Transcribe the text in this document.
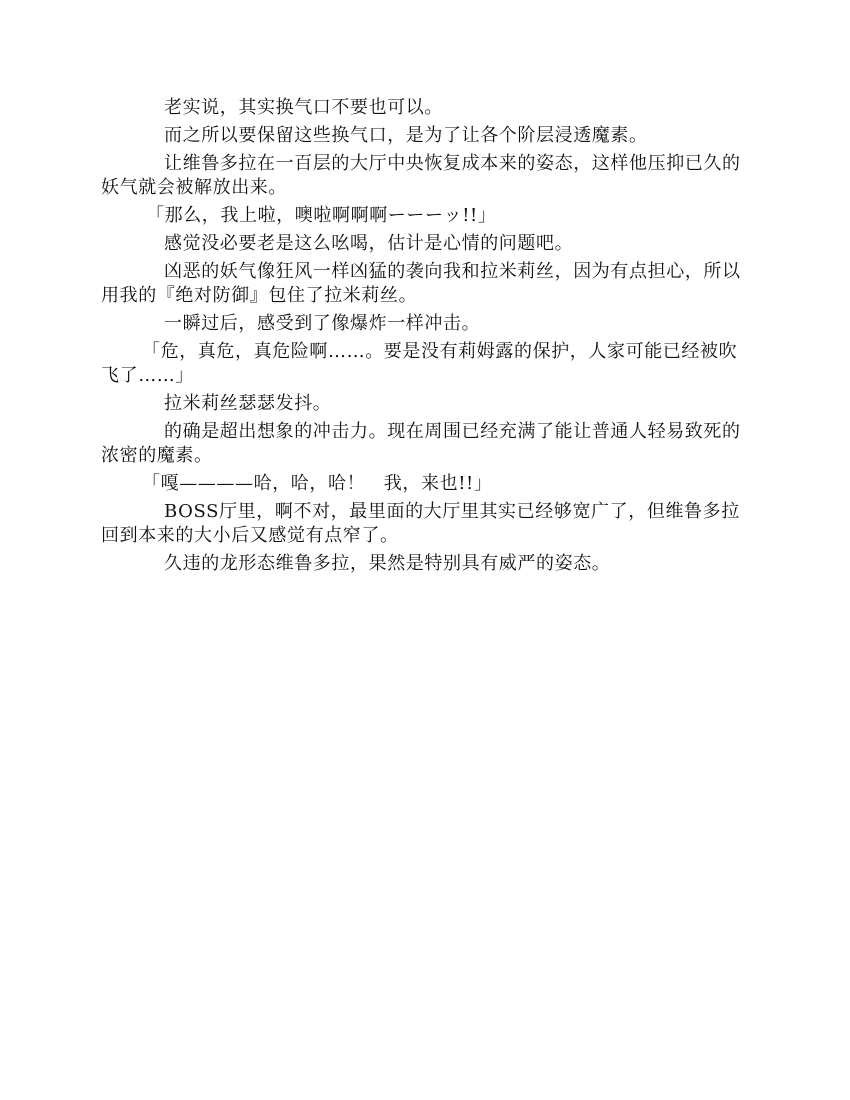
老实说，其实换气口不要也可以。

而之所以要保留这些换气口，是为了让各个阶层浸透魔素。

让维鲁多拉在一百层的大厅中央恢复成本来的姿态，这样他压抑已久的妖气就会被解放出来。

「那么，我上啦，噢啦啊啊啊ーーーッ!!」

感觉没必要老是这么吆喝，估计是心情的问题吧。

凶恶的妖气像狂风一样凶猛的袭向我和拉米莉丝，因为有点担心，所以用我的『绝对防御』包住了拉米莉丝。

一瞬过后，感受到了像爆炸一样冲击。

「危，真危，真危险啊……。要是没有莉姆露的保护，人家可能已经被吹飞了……」

拉米莉丝瑟瑟发抖。

的确是超出想象的冲击力。现在周围已经充满了能让普通人轻易致死的浓密的魔素。

「嘎————哈，哈，哈！　我，来也!!」

BOSS厅里，啊不对，最里面的大厅里其实已经够宽广了，但维鲁多拉回到本来的大小后又感觉有点窄了。

久违的龙形态维鲁多拉，果然是特别具有威严的姿态。
